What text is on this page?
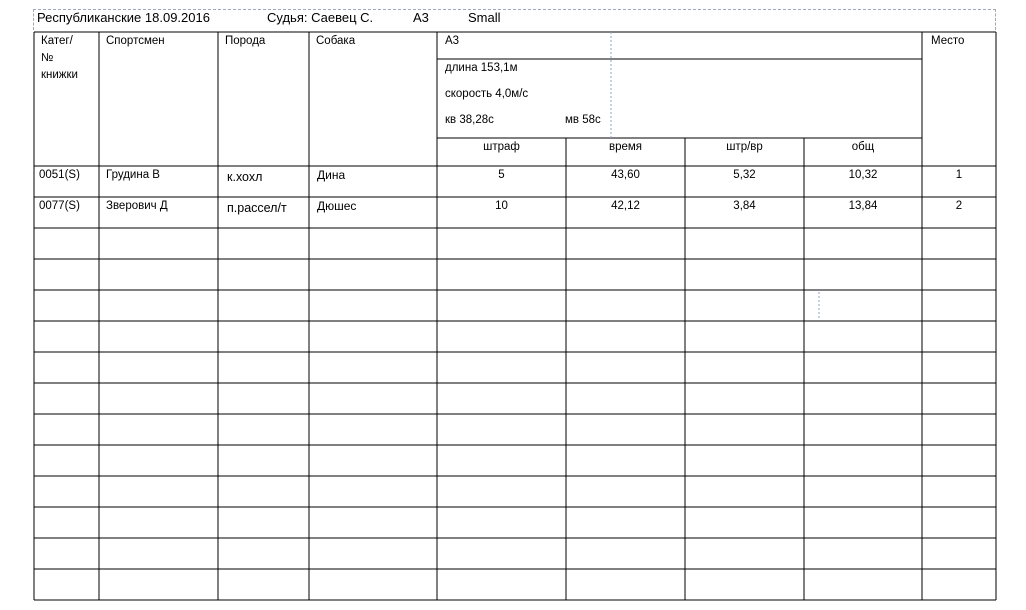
Республиканские 18.09.2016	Судья: Саевец С.	А3	Small
Катег/
№
книжки
Спортсмен	Порода	Собака	А3	Место
длина 153,1м
скорость 4,0м/с
кв 38,28с	мв 58с
штраф	время	штр/вр	общ
0051(S) Грудина В	к.хохл	Дина	5	43,60	5,32	10,32	1
0077(S) Зверович Д	п.рассел/т	Дюшес	10	42,12	3,84	13,84	2
